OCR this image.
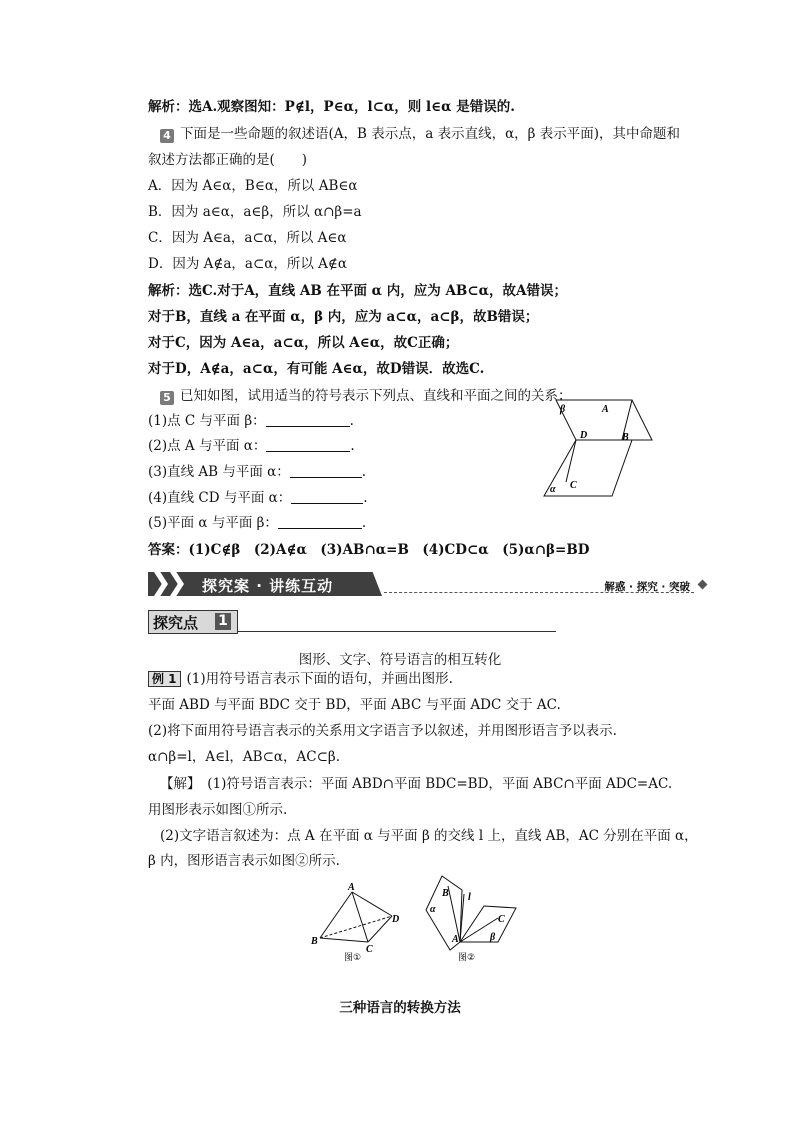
解析：选A.观察图知：P∉l，P∈α，l⊂α，则 l∈α 是错误的.
4 下面是一些命题的叙述语(A，B 表示点，a 表示直线，α，β 表示平面)，其中命题和
叙述方法都正确的是(　　)
A．因为 A∈α，B∈α，所以 AB∈α
B．因为 a∈α，a∈β，所以 α∩β=a
C．因为 A∈a，a⊂α，所以 A∈α
D．因为 A∉a，a⊂α，所以 A∉α
解析：选C.对于A，直线 AB 在平面 α 内，应为 AB⊂α，故A错误；
对于B，直线 a 在平面 α，β 内，应为 a⊂α，a⊂β，故B错误；
对于C，因为 A∈a，a⊂α，所以 A∈α，故C正确；
对于D，A∉a，a⊂α，有可能 A∈α，故D错误．故选C.
5 已知如图，试用适当的符号表示下列点、直线和平面之间的关系：
(1)点 C 与平面 β：	.
(2)点 A 与平面 α：	.
(3)直线 AB 与平面 α：	.
(4)直线 CD 与平面 α：	.
(5)平面 α 与平面 β：	.
答案：(1)C∉β　(2)A∉α　(3)AB∩α=B　(4)CD⊂α　(5)α∩β=BD
β	A
D	B
α C
探究案 · 讲练互动	解惑 · 探究 · 突破
探究点 1
图形、文字、符号语言的相互转化
例 1 (1)用符号语言表示下面的语句，并画出图形.
平面 ABD 与平面 BDC 交于 BD，平面 ABC 与平面 ADC 交于 AC.
(2)将下面用符号语言表示的关系用文字语言予以叙述，并用图形语言予以表示.
α∩β=l，A∈l，AB⊂α，AC⊂β.
【解】　(1)符号语言表示：平面 ABD∩平面 BDC=BD，平面 ABC∩平面 ADC=AC.
用图形表示如图①所示.
(2)文字语言叙述为：点 A 在平面 α 与平面 β 的交线 l 上，直线 AB，AC 分别在平面 α，
β 内，图形语言表示如图②所示.
A
B
C
D
图①
B l
α
C
A	β
图②
三种语言的转换方法
